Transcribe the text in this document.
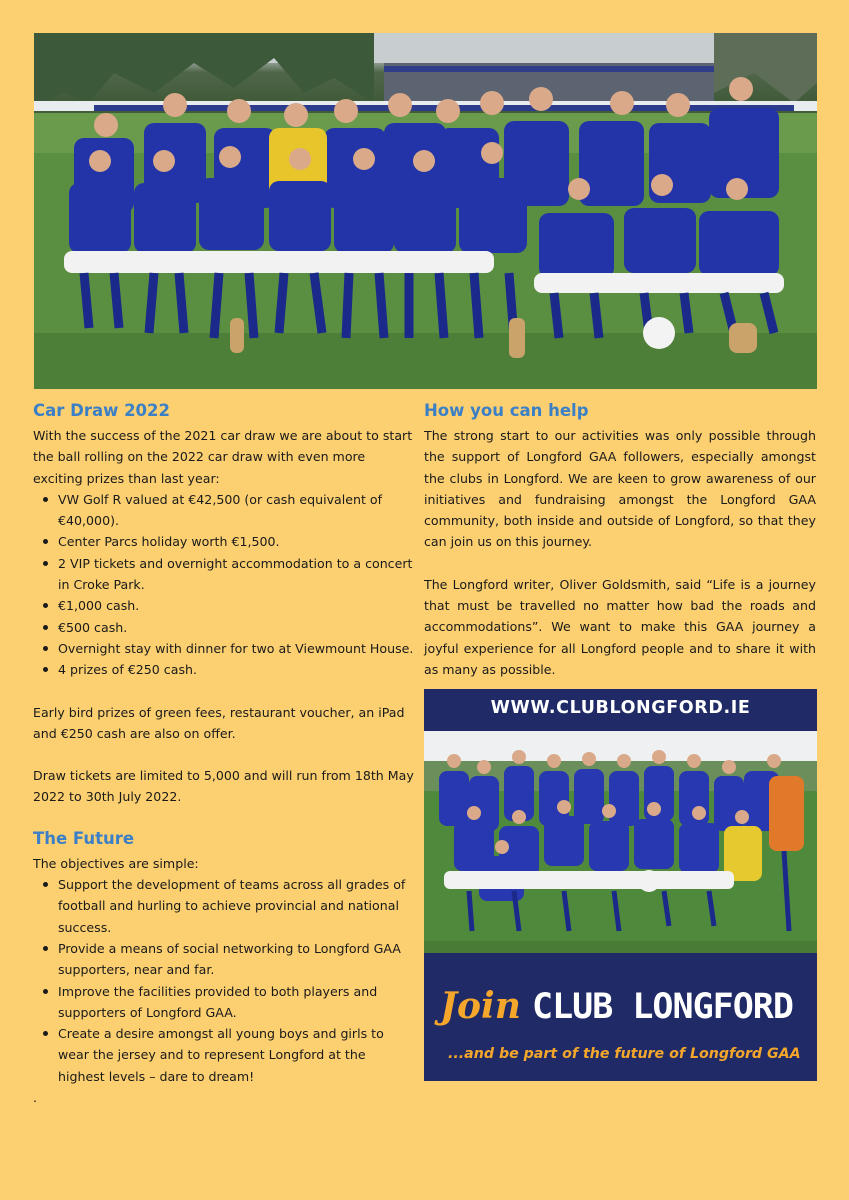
Car Draw 2022

With the success of the 2021 car draw we are about to start the ball rolling on the 2022 car draw with even more exciting prizes than last year:

VW Golf R valued at €42,500 (or cash equivalent of €40,000).
Center Parcs holiday worth €1,500.
2 VIP tickets and overnight accommodation to a concert in Croke Park.
€1,000 cash.
€500 cash.
Overnight stay with dinner for two at Viewmount House.
4 prizes of €250 cash.

Early bird prizes of green fees, restaurant voucher, an iPad and €250 cash are also on offer.

Draw tickets are limited to 5,000 and will run from 18th May 2022 to 30th July 2022.

The Future

The objectives are simple:

Support the development of teams across all grades of football and hurling to achieve provincial and national success.
Provide a means of social networking to Longford GAA supporters, near and far.
Improve the facilities provided to both players and supporters of Longford GAA.
Create a desire amongst all young boys and girls to wear the jersey and to represent Longford at the highest levels – dare to dream!

.

How you can help

The strong start to our activities was only possible through the support of Longford GAA followers, especially amongst the clubs in Longford. We are keen to grow awareness of our initiatives and fundraising amongst the Longford GAA community, both inside and outside of Longford, so that they can join us on this journey.

The Longford writer, Oliver Goldsmith, said “Life is a journey that must be travelled no matter how bad the roads and accommodations”. We want to make this GAA journey a joyful experience for all Longford people and to share it with as many as possible.

WWW.CLUBLONGFORD.IE
Join CLUB LONGFORD
...and be part of the future of Longford GAA
